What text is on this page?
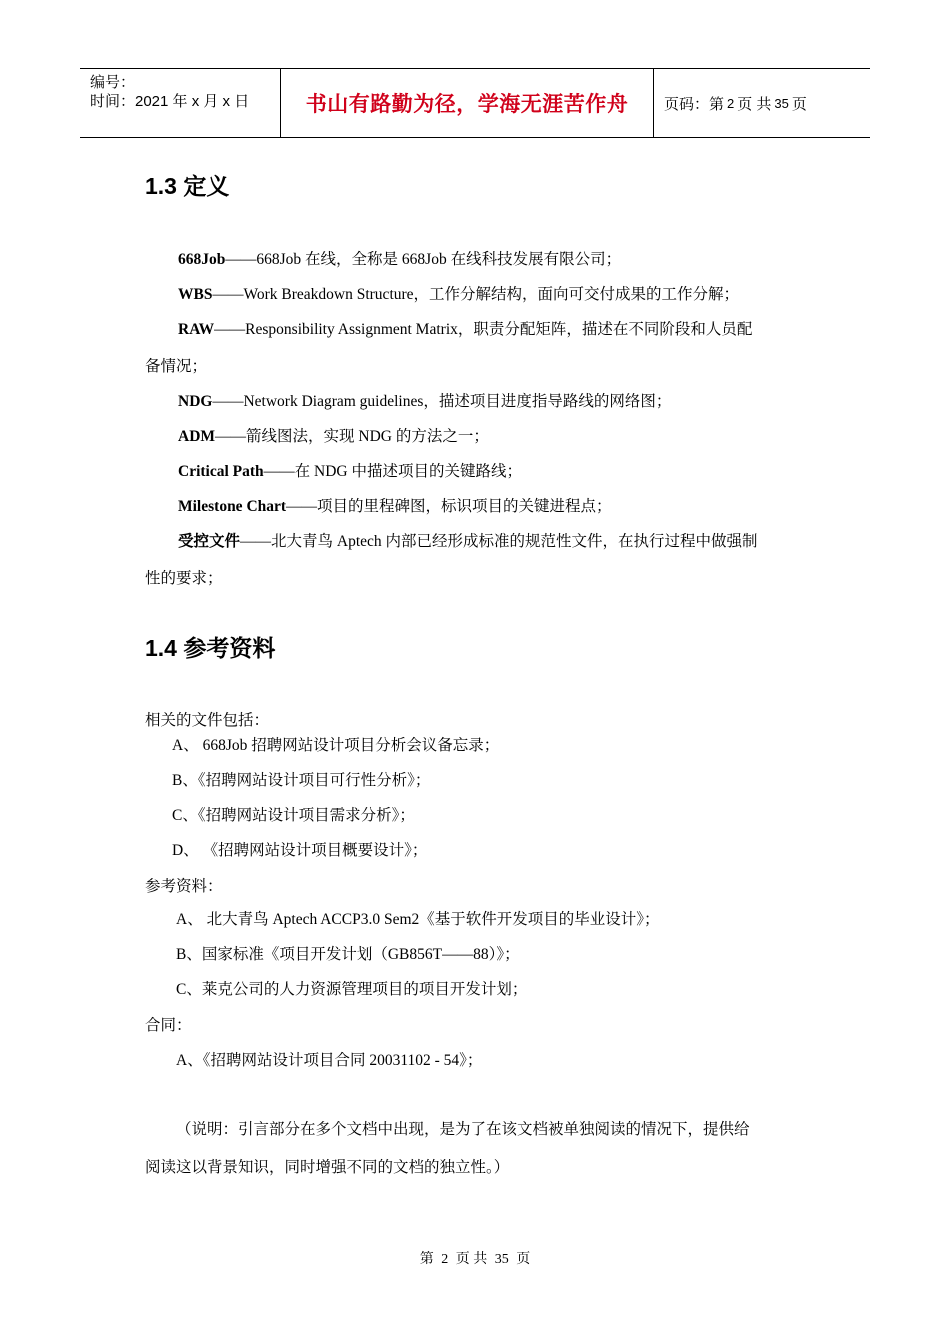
编号：
时间：2021 年 x 月 x 日	书山有路勤为径，学海无涯苦作舟	页码：第 2 页 共 35 页
1.3 定义
668Job——668Job 在线，全称是 668Job 在线科技发展有限公司；
WBS——Work Breakdown Structure，工作分解结构，面向可交付成果的工作分解；
RAW——Responsibility Assignment Matrix，职责分配矩阵，描述在不同阶段和人员配
备情况；
NDG——Network Diagram guidelines，描述项目进度指导路线的网络图；
ADM——箭线图法，实现 NDG 的方法之一；
Critical Path——在 NDG 中描述项目的关键路线；
Milestone Chart——项目的里程碑图，标识项目的关键进程点；
受控文件——北大青鸟 Aptech 内部已经形成标准的规范性文件，在执行过程中做强制
性的要求；
1.4 参考资料
相关的文件包括：
A、 668Job 招聘网站设计项目分析会议备忘录；
B、《招聘网站设计项目可行性分析》；
C、《招聘网站设计项目需求分析》；
D、 《招聘网站设计项目概要设计》；
参考资料：
A、 北大青鸟 Aptech ACCP3.0 Sem2《基于软件开发项目的毕业设计》；
B、国家标准《项目开发计划（GB856T——88）》；
C、莱克公司的人力资源管理项目的项目开发计划；
合同：
A、《招聘网站设计项目合同 20031102 - 54》；
（说明：引言部分在多个文档中出现，是为了在该文档被单独阅读的情况下，提供给
阅读这以背景知识，同时增强不同的文档的独立性。）
第 2 页 共 35 页
